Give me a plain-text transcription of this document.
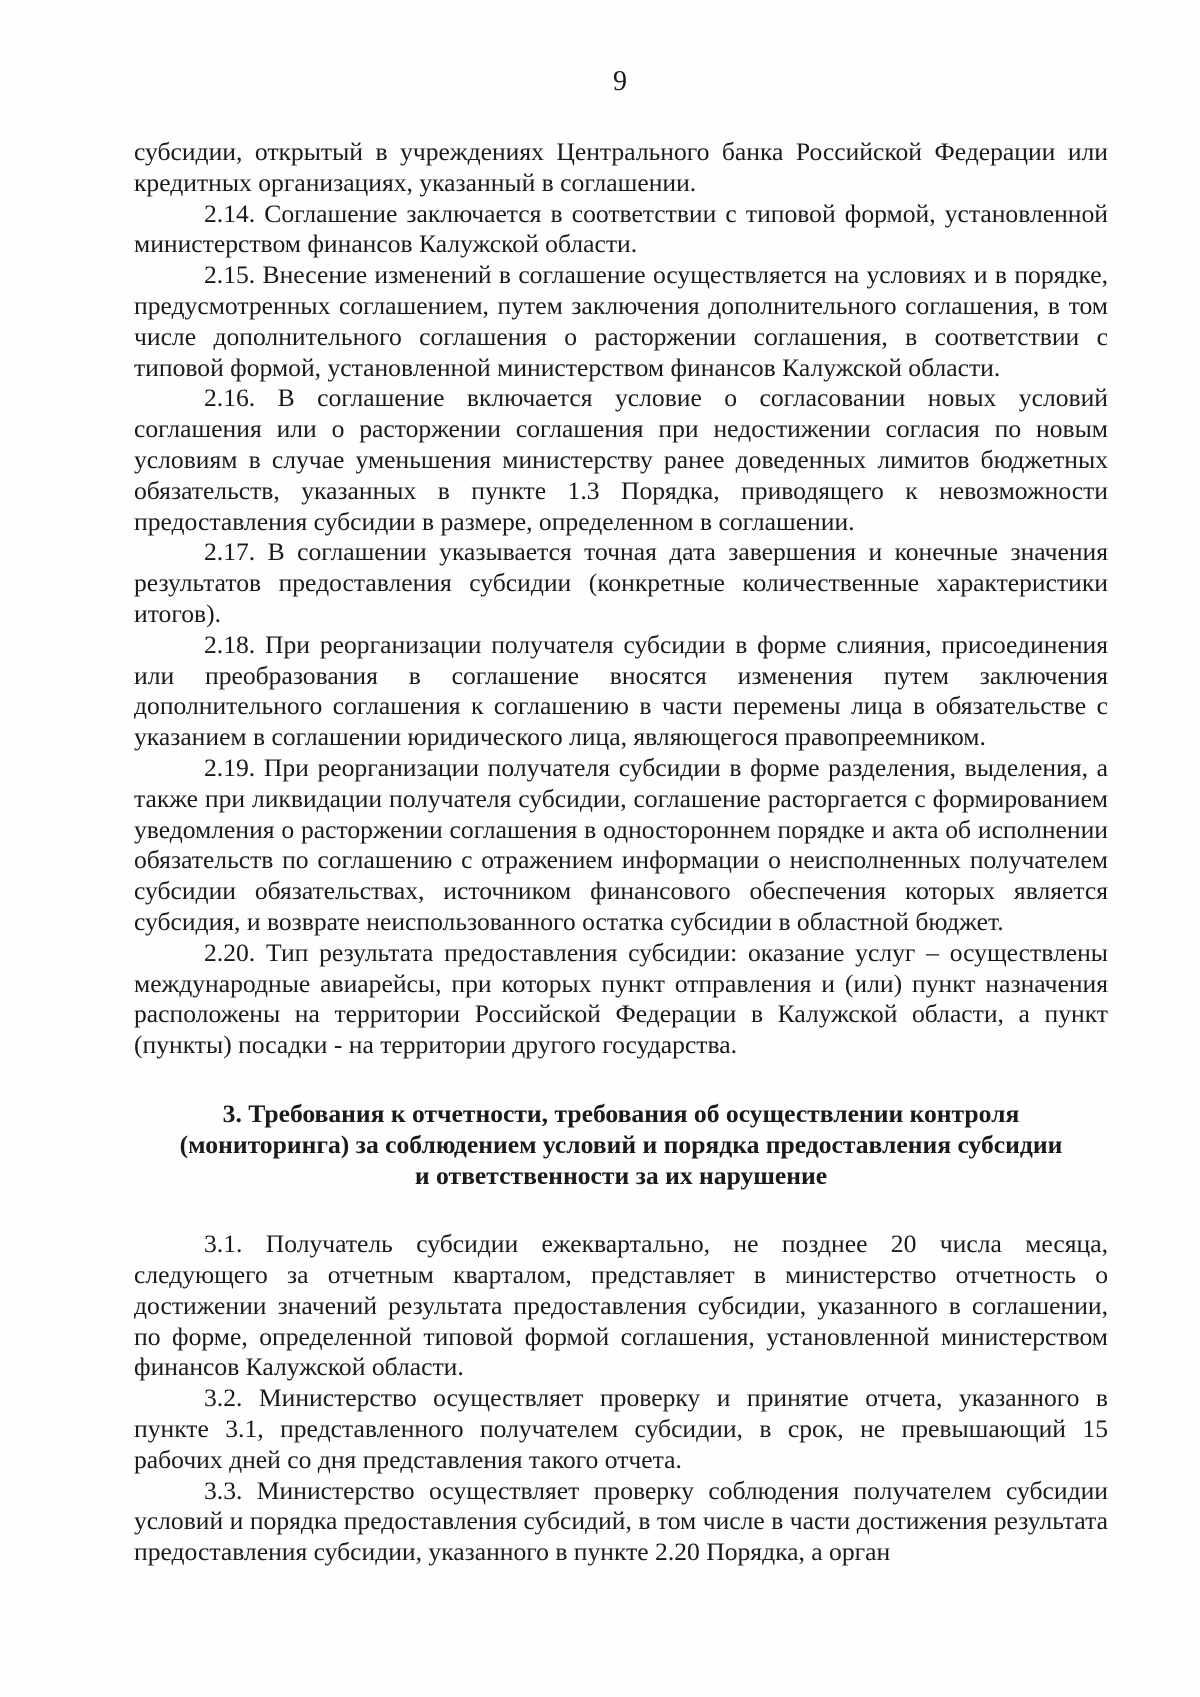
9

субсидии, открытый в учреждениях Центрального банка Российской Федерации или кредитных организациях, указанный в соглашении.

2.14. Соглашение заключается в соответствии с типовой формой, установленной министерством финансов Калужской области.

2.15. Внесение изменений в соглашение осуществляется на условиях и в порядке, предусмотренных соглашением, путем заключения дополнительного соглашения, в том числе дополнительного соглашения о расторжении соглашения, в соответствии с типовой формой, установленной министерством финансов Калужской области.

2.16. В соглашение включается условие о согласовании новых условий соглашения или о расторжении соглашения при недостижении согласия по новым условиям в случае уменьшения министерству ранее доведенных лимитов бюджетных обязательств, указанных в пункте 1.3 Порядка, приводящего к невозможности предоставления субсидии в размере, определенном в соглашении.

2.17. В соглашении указывается точная дата завершения и конечные значения результатов предоставления субсидии (конкретные количественные характеристики итогов).

2.18. При реорганизации получателя субсидии в форме слияния, присоединения или преобразования в соглашение вносятся изменения путем заключения дополнительного соглашения к соглашению в части перемены лица в обязательстве с указанием в соглашении юридического лица, являющегося правопреемником.

2.19. При реорганизации получателя субсидии в форме разделения, выделения, а также при ликвидации получателя субсидии, соглашение расторгается с формированием уведомления о расторжении соглашения в одностороннем порядке и акта об исполнении обязательств по соглашению с отражением информации о неисполненных получателем субсидии обязательствах, источником финансового обеспечения которых является субсидия, и возврате неиспользованного остатка субсидии в областной бюджет.

2.20. Тип результата предоставления субсидии: оказание услуг – осуществлены международные авиарейсы, при которых пункт отправления и (или) пункт назначения расположены на территории Российской Федерации в Калужской области, а пункт (пункты) посадки - на территории другого государства.

3. Требования к отчетности, требования об осуществлении контроля
(мониторинга) за соблюдением условий и порядка предоставления субсидии
и ответственности за их нарушение

3.1. Получатель субсидии ежеквартально, не позднее 20 числа месяца, следующего за отчетным кварталом, представляет в министерство отчетность о достижении значений результата предоставления субсидии, указанного в соглашении, по форме, определенной типовой формой соглашения, установленной министерством финансов Калужской области.

3.2. Министерство осуществляет проверку и принятие отчета, указанного в пункте 3.1, представленного получателем субсидии, в срок, не превышающий 15 рабочих дней со дня представления такого отчета.

3.3. Министерство осуществляет проверку соблюдения получателем субсидии условий и порядка предоставления субсидий, в том числе в части достижения результата предоставления субсидии, указанного в пункте 2.20 Порядка, а орган
